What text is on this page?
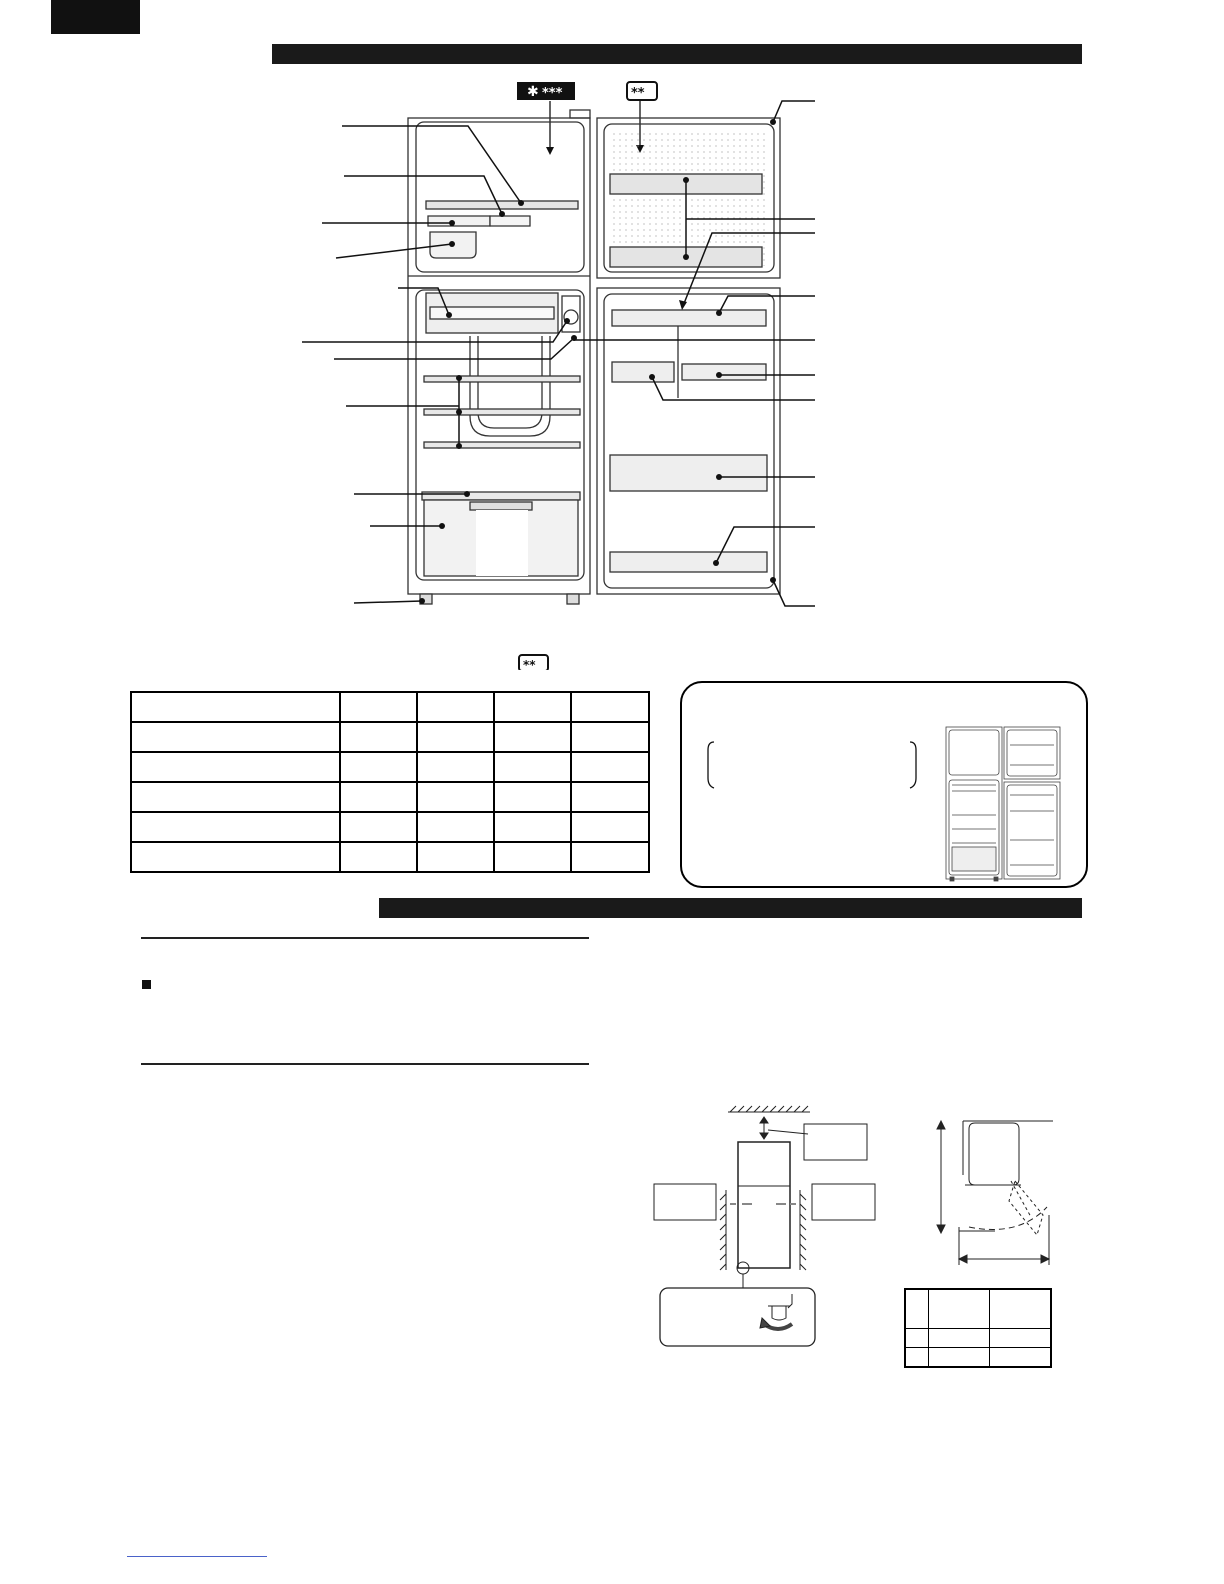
✱ ***	**
**
